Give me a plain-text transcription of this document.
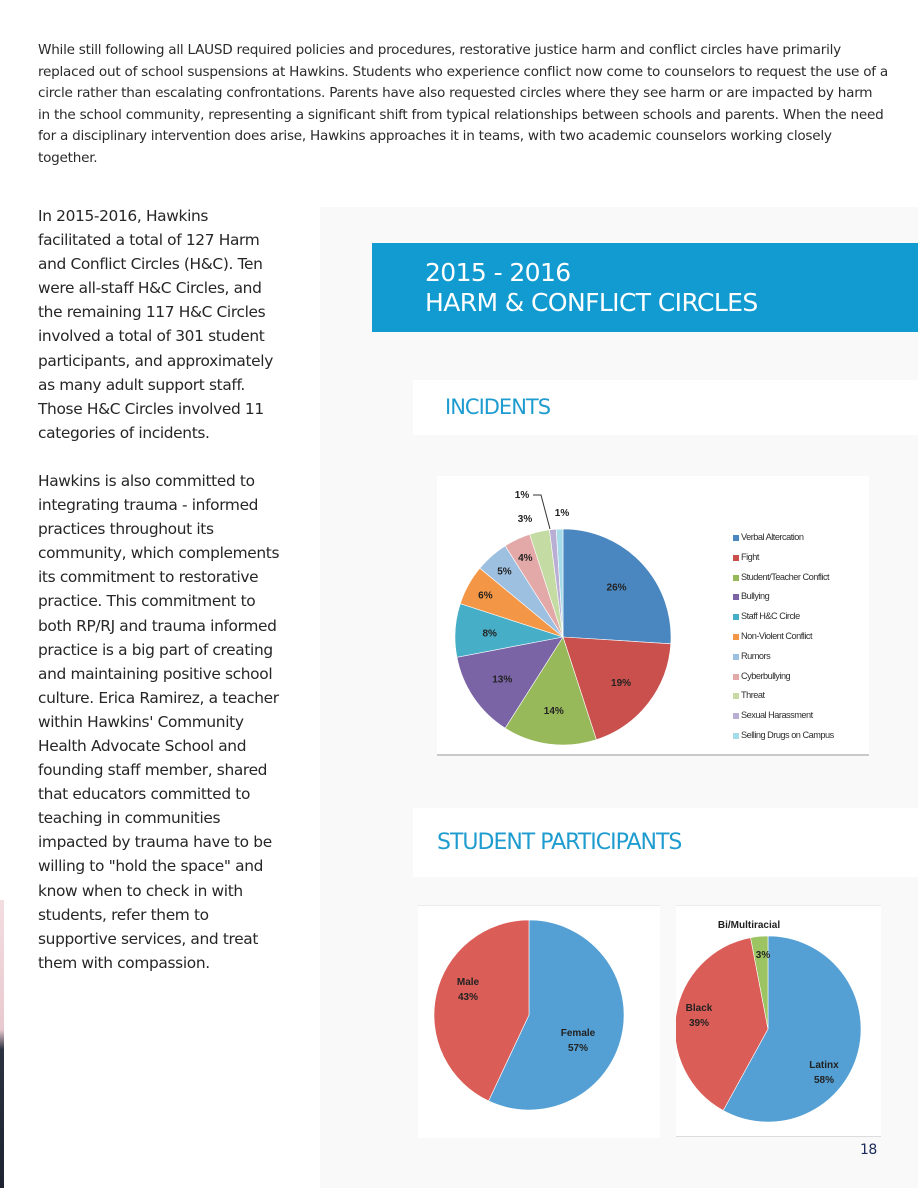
While still following all LAUSD required policies and procedures, restorative justice harm and conflict circles have primarily replaced out of school suspensions at Hawkins. Students who experience conflict now come to counselors to request the use of a circle rather than escalating confrontations. Parents have also requested circles where they see harm or are impacted by harm in the school community, representing a significant shift from typical relationships between schools and parents. When the need for a disciplinary intervention does arise, Hawkins approaches it in teams, with two academic counselors working closely together.

In 2015-2016, Hawkins facilitated a total of 127 Harm and Conflict Circles (H&C). Ten were all-staff H&C Circles, and the remaining 117 H&C Circles involved a total of 301 student participants, and approximately as many adult support staff. Those H&C Circles involved 11 categories of incidents.

Hawkins is also committed to integrating trauma - informed practices throughout its community, which complements its commitment to restorative practice. This commitment to both RP/RJ and trauma informed practice is a big part of creating and maintaining positive school culture. Erica Ramirez, a teacher within Hawkins' Community Health Advocate School and founding staff member, shared that educators committed to teaching in communities impacted by trauma have to be willing to "hold the space" and know when to check in with students, refer them to supportive services, and treat them with compassion.

2015 - 2016
HARM & CONFLICT CIRCLES
INCIDENTS
26%
19%
14%
13%
8%
6%
5%
4%
3%
1%
1%
Verbal Altercation
Fight
Student/Teacher Conflict
Bullying
Staff H&C Circle
Non-Violent Conflict
Rumors
Cyberbullying
Threat
Sexual Harassment
Selling Drugs on Campus
STUDENT PARTICIPANTS
Female
57%
Male
43%
Latinx
58%
Black
39%
Bi/Multiracial
3%
18
